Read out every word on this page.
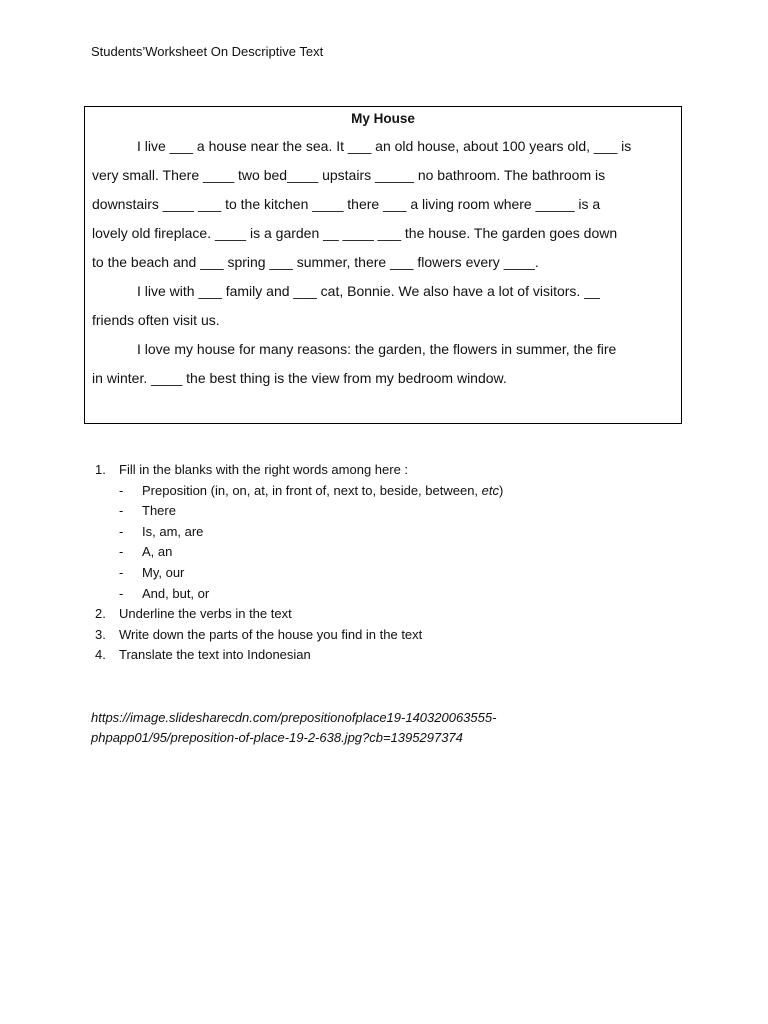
Students’Worksheet On Descriptive Text
My House

I live ___ a house near the sea. It ___ an old house, about 100 years old, ___ is
very small. There ____ two bed____ upstairs _____ no bathroom. The bathroom is
downstairs ____ ___ to the kitchen ____ there ___ a living room where _____ is a
lovely old fireplace. ____ is a garden __ ____ ___ the house. The garden goes down
to the beach and ___ spring ___ summer, there ___ flowers every ____.

I live with ___ family and ___ cat, Bonnie. We also have a lot of visitors. __
friends often visit us.

I love my house for many reasons: the garden, the flowers in summer, the fire
in winter. ____ the best thing is the view from my bedroom window.

1. Fill in the blanks with the right words among here :
- Preposition (in, on, at, in front of, next to, beside, between, etc)
- There
- Is, am, are
- A, an
- My, our
- And, but, or
2. Underline the verbs in the text
3. Write down the parts of the house you find in the text
4. Translate the text into Indonesian
https://image.slidesharecdn.com/prepositionofplace19-140320063555-
phpapp01/95/preposition-of-place-19-2-638.jpg?cb=1395297374
